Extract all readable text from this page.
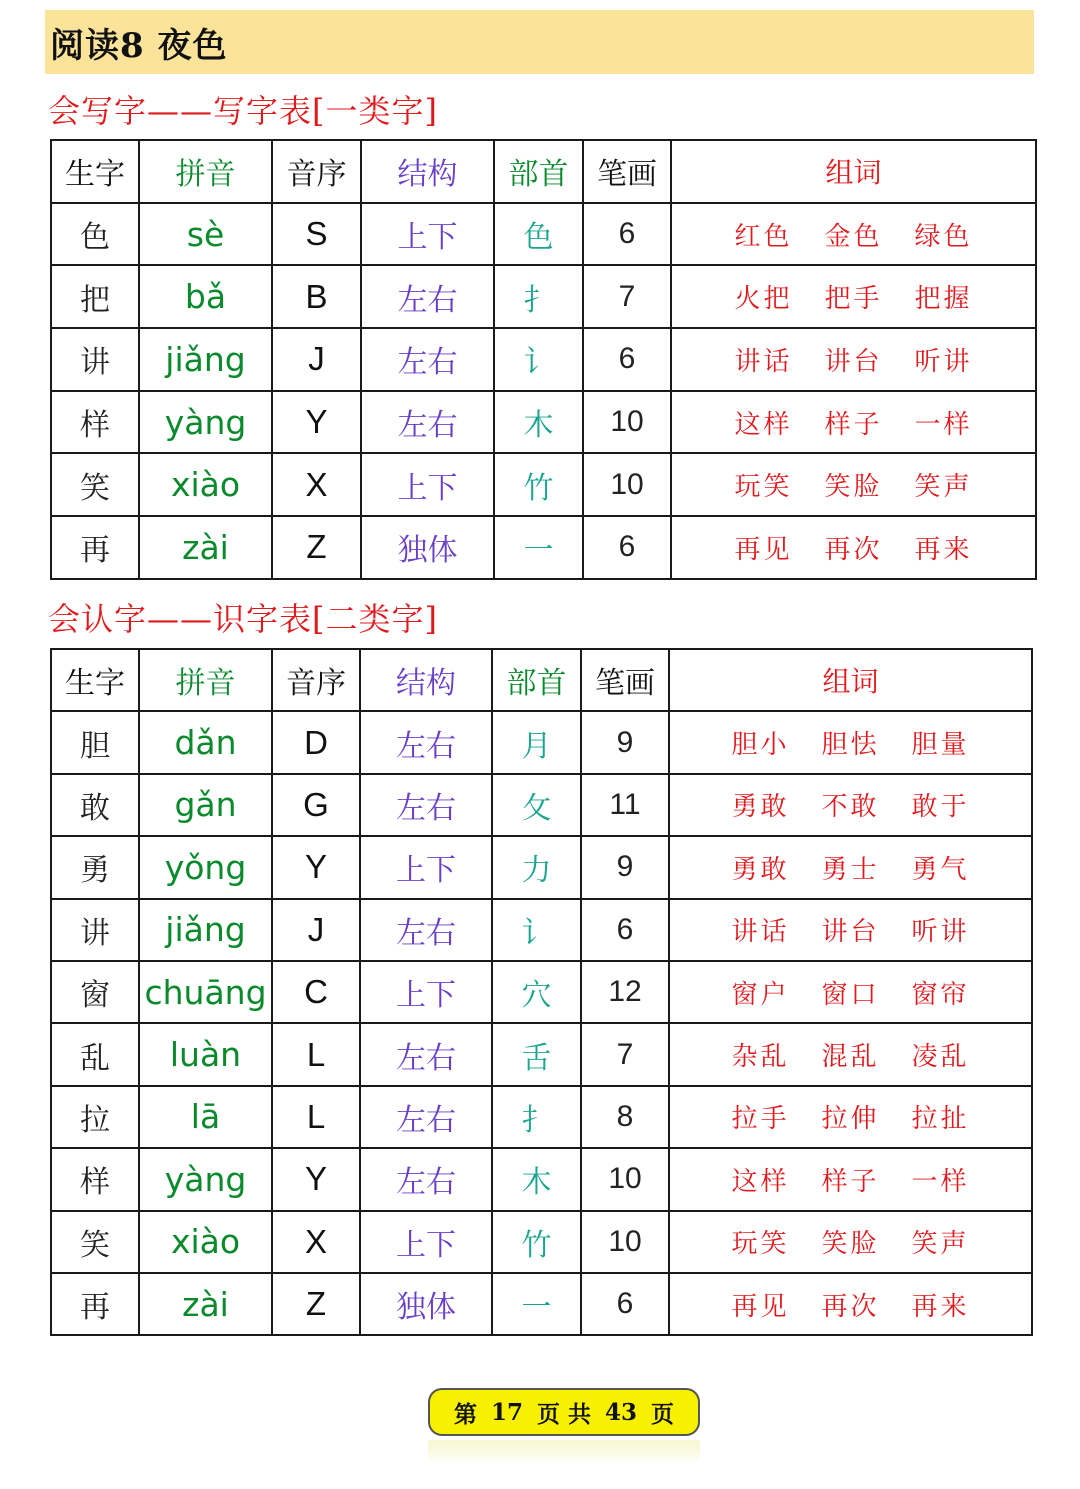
阅读8 夜色
会写字——写字表[一类字]
生字	拼音	音序	结构	部首	笔画	组词
色	sè	S	上下	色	6	红色 金色 绿色
把	bǎ	B	左右	扌	7	火把 把手 把握
讲	jiǎng	J	左右	讠	6	讲话 讲台 听讲
样	yàng	Y	左右	木	10	这样 样子 一样
笑	xiào	X	上下	竹	10	玩笑 笑脸 笑声
再	zài	Z	独体	一	6	再见 再次 再来
会认字——识字表[二类字]
生字	拼音	音序	结构	部首	笔画	组词
胆	dǎn	D	左右	月	9	胆小 胆怯 胆量
敢	gǎn	G	左右	攵	11	勇敢 不敢 敢于
勇	yǒng	Y	上下	力	9	勇敢 勇士 勇气
讲	jiǎng	J	左右	讠	6	讲话 讲台 听讲
窗	chuāng	C	上下	穴	12	窗户 窗口 窗帘
乱	luàn	L	左右	舌	7	杂乱 混乱 凌乱
拉	lā	L	左右	扌	8	拉手 拉伸 拉扯
样	yàng	Y	左右	木	10	这样 样子 一样
笑	xiào	X	上下	竹	10	玩笑 笑脸 笑声
再	zài	Z	独体	一	6	再见 再次 再来
第 17 页 共 43 页
